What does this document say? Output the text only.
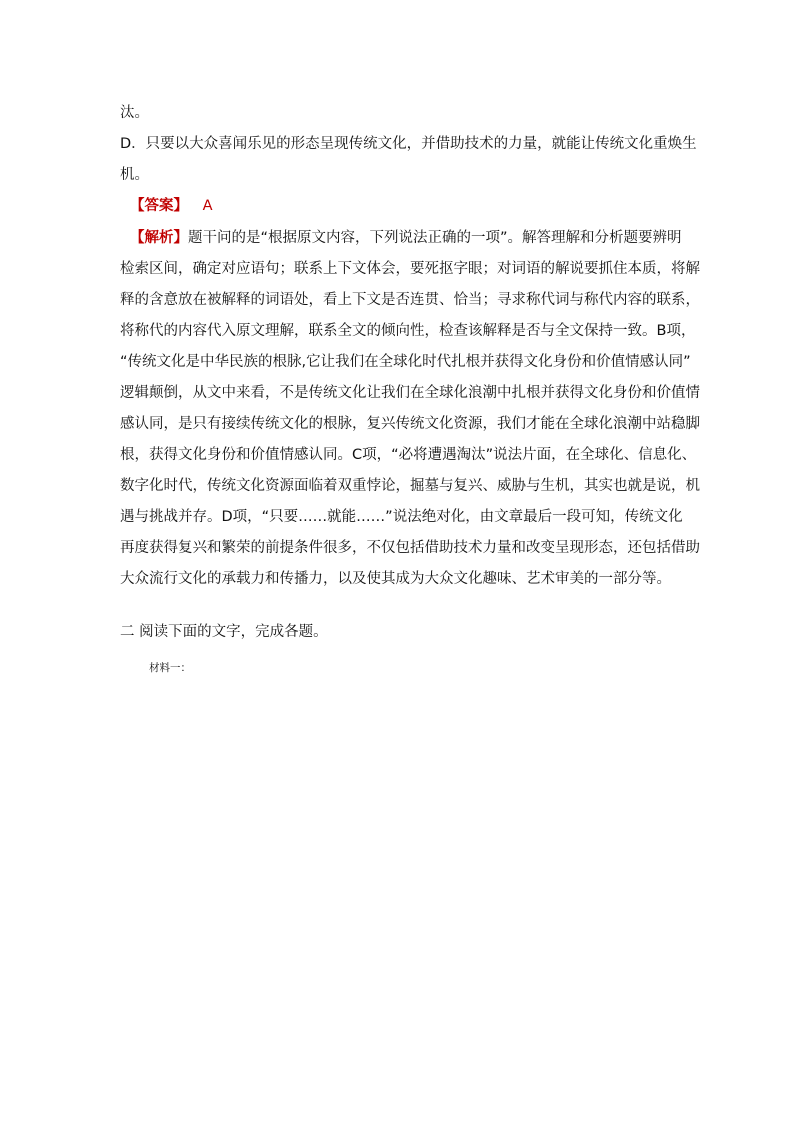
汰。
D．只要以大众喜闻乐见的形态呈现传统文化，并借助技术的力量，就能让传统文化重焕生
机。
【答案】 A
【解析】题干问的是“根据原文内容，下列说法正确的一项”。解答理解和分析题要辨明
检索区间，确定对应语句；联系上下文体会，要死抠字眼；对词语的解说要抓住本质，将解
释的含意放在被解释的词语处，看上下文是否连贯、恰当；寻求称代词与称代内容的联系，
将称代的内容代入原文理解，联系全文的倾向性，检查该解释是否与全文保持一致。B项，
“传统文化是中华民族的根脉,它让我们在全球化时代扎根并获得文化身份和价值情感认同”
逻辑颠倒，从文中来看，不是传统文化让我们在全球化浪潮中扎根并获得文化身份和价值情
感认同，是只有接续传统文化的根脉，复兴传统文化资源，我们才能在全球化浪潮中站稳脚
根，获得文化身份和价值情感认同。C项，“必将遭遇淘汰”说法片面，在全球化、信息化、
数字化时代，传统文化资源面临着双重悖论，掘墓与复兴、威胁与生机，其实也就是说，机
遇与挑战并存。D项，“只要……就能……”说法绝对化，由文章最后一段可知，传统文化
再度获得复兴和繁荣的前提条件很多，不仅包括借助技术力量和改变呈现形态，还包括借助
大众流行文化的承载力和传播力，以及使其成为大众文化趣味、艺术审美的一部分等。
二 阅读下面的文字，完成各题。
材料一：
